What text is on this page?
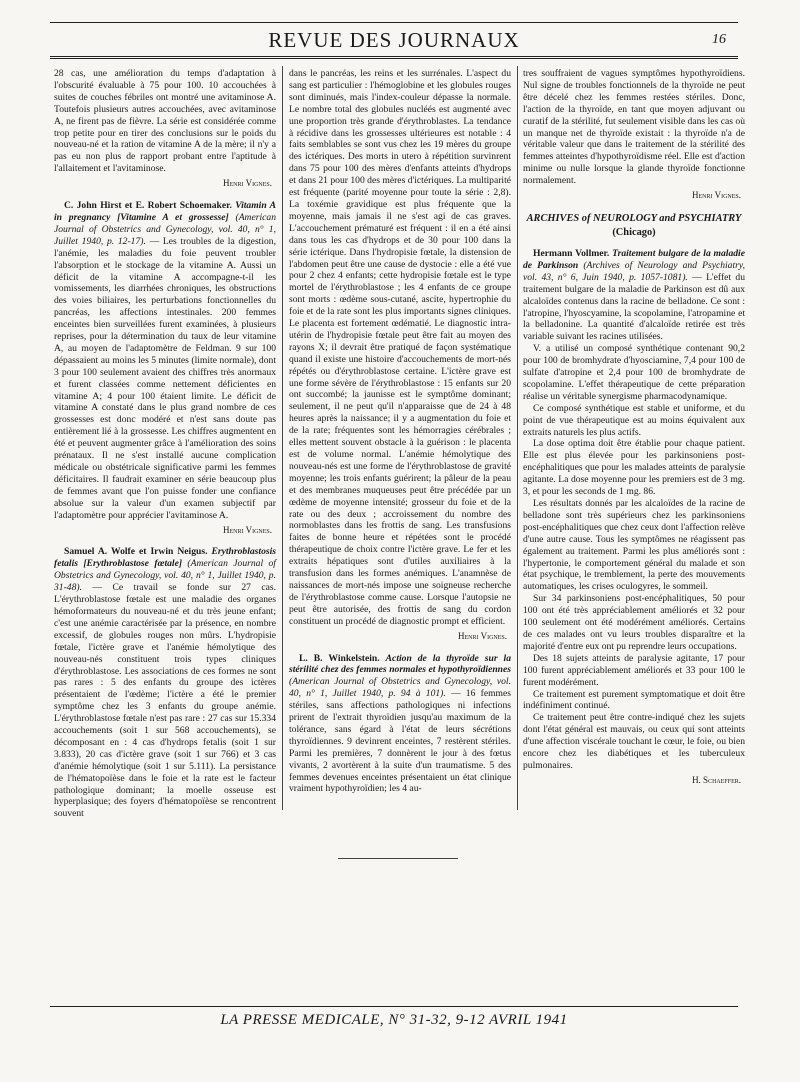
REVUE DES JOURNAUX	16

28 cas, une amélioration du temps d'adaptation à l'obscurité évaluable à 75 pour 100. 10 accouchées à suites de couches fébriles ont montré une avitaminose A. Toutefois plusieurs autres accouchées, avec avitaminose A, ne firent pas de fièvre. La série est considérée comme trop petite pour en tirer des conclusions sur le poids du nouveau-né et la ration de vitamine A de la mère; il n'y a pas eu non plus de rapport probant entre l'aptitude à l'allaitement et l'avitaminose.

Henri Vignes.

C. John Hirst et E. Robert Schoemaker. Vitamin A in pregnancy [Vitamine A et grossesse] (American Journal of Obstetrics and Gynecology, vol. 40, n° 1, Juillet 1940, p. 12-17). — Les troubles de la digestion, l'anémie, les maladies du foie peuvent troubler l'absorption et le stockage de la vitamine A. Aussi un déficit de la vitamine A accompagne-t-il les vomissements, les diarrhées chroniques, les obstructions des voies biliaires, les perturbations fonctionnelles du pancréas, les affections intestinales. 200 femmes enceintes bien surveillées furent examinées, à plusieurs reprises, pour la détermination du taux de leur vitamine A, au moyen de l'adaptomètre de Feldman. 9 sur 100 dépassaient au moins les 5 minutes (limite normale), dont 3 pour 100 seulement avaient des chiffres très anormaux et furent classées comme nettement déficientes en vitamine A; 4 pour 100 étaient limite. Le déficit de vitamine A constaté dans le plus grand nombre de ces grossesses est donc modéré et n'est sans doute pas entièrement lié à la grossesse. Les chiffres augmentent en été et peuvent augmenter grâce à l'amélioration des soins prénataux. Il ne s'est installé aucune complication médicale ou obstétricale significative parmi les femmes déficitaires. Il faudrait examiner en série beaucoup plus de femmes avant que l'on puisse fonder une confiance absolue sur la valeur d'un examen subjectif par l'adaptomètre pour apprécier l'avitaminose A.

Henri Vignes.

Samuel A. Wolfe et Irwin Neigus. Erythroblastosis fetalis [Erythroblastose fœtale] (American Journal of Obstetrics and Gynecology, vol. 40, n° 1, Juillet 1940, p. 31-48). — Ce travail se fonde sur 27 cas. L'érythroblastose fœtale est une maladie des organes hémoformateurs du nouveau-né et du très jeune enfant; c'est une anémie caractérisée par la présence, en nombre excessif, de globules rouges non mûrs. L'hydropisie fœtale, l'ictère grave et l'anémie hémolytique des nouveau-nés constituent trois types cliniques d'érythroblastose. Les associations de ces formes ne sont pas rares : 5 des enfants du groupe des ictères présentaient de l'œdème; l'ictère a été le premier symptôme chez les 3 enfants du groupe anémie. L'érythroblastose fœtale n'est pas rare : 27 cas sur 15.334 accouchements (soit 1 sur 568 accouchements), se décomposant en : 4 cas d'hydrops fetalis (soit 1 sur 3.833), 20 cas d'ictère grave (soit 1 sur 766) et 3 cas d'anémie hémolytique (soit 1 sur 5.111). La persistance de l'hématopoïèse dans le foie et la rate est le facteur pathologique dominant; la moelle osseuse est hyperplasique; des foyers d'hématopoïèse se rencontrent souvent

dans le pancréas, les reins et les surrénales. L'aspect du sang est particulier : l'hémoglobine et les globules rouges sont diminués, mais l'index-couleur dépasse la normale. Le nombre total des globules nucléés est augmenté avec une proportion très grande d'érythroblastes. La tendance à récidive dans les grossesses ultérieures est notable : 4 faits semblables se sont vus chez les 19 mères du groupe des ictériques. Des morts in utero à répétition survinrent dans 75 pour 100 des mères d'enfants atteints d'hydrops et dans 21 pour 100 des mères d'ictériques. La multiparité est fréquente (parité moyenne pour toute la série : 2,8). La toxémie gravidique est plus fréquente que la moyenne, mais jamais il ne s'est agi de cas graves. L'accouchement prématuré est fréquent : il en a été ainsi dans tous les cas d'hydrops et de 30 pour 100 dans la série ictérique. Dans l'hydropisie fœtale, la distension de l'abdomen peut être une cause de dystocie : elle a été vue pour 2 chez 4 enfants; cette hydropisie fœtale est le type mortel de l'érythroblastose ; les 4 enfants de ce groupe sont morts : œdème sous-cutané, ascite, hypertrophie du foie et de la rate sont les plus importants signes cliniques. Le placenta est fortement œdématié. Le diagnostic intra-utérin de l'hydropisie fœtale peut être fait au moyen des rayons X; il devrait être pratiqué de façon systématique quand il existe une histoire d'accouchements de mort-nés répétés ou d'érythroblastose certaine. L'ictère grave est une forme sévère de l'érythroblastose : 15 enfants sur 20 ont succombé; la jaunisse est le symptôme dominant; seulement, il ne peut qu'il n'apparaisse que de 24 à 48 heures après la naissance; il y a augmentation du foie et de la rate; fréquentes sont les hémorragies cérébrales ; elles mettent souvent obstacle à la guérison : le placenta est de volume normal. L'anémie hémolytique des nouveau-nés est une forme de l'érythroblastose de gravité moyenne; les trois enfants guérirent; la pâleur de la peau et des membranes muqueuses peut être précédée par un œdème de moyenne intensité; grosseur du foie et de la rate ou des deux ; accroissement du nombre des normoblastes dans les frottis de sang. Les transfusions faites de bonne heure et répétées sont le procédé thérapeutique de choix contre l'ictère grave. Le fer et les extraits hépatiques sont d'utiles auxiliaires à la transfusion dans les formes anémiques. L'anamnèse de naissances de mort-nés impose une soigneuse recherche de l'érythroblastose comme cause. Lorsque l'autopsie ne peut être autorisée, des frottis de sang du cordon constituent un procédé de diagnostic prompt et efficient.

Henri Vignes.

L. B. Winkelstein. Action de la thyroïde sur la stérilité chez des femmes normales et hypothyroïdiennes (American Journal of Obstetrics and Gynecology, vol. 40, n° 1, Juillet 1940, p. 94 à 101). — 16 femmes stériles, sans affections pathologiques ni infections prirent de l'extrait thyroïdien jusqu'au maximum de la tolérance, sans égard à l'état de leurs sécrétions thyroïdiennes. 9 devinrent enceintes, 7 restèrent stériles. Parmi les premières, 7 donnèrent le jour à des fœtus vivants, 2 avortèrent à la suite d'un traumatisme. 5 des femmes devenues enceintes présentaient un état clinique vraiment hypothyroïdien; les 4 au-

tres souffraient de vagues symptômes hypothyroïdiens. Nul signe de troubles fonctionnels de la thyroïde ne peut être décelé chez les femmes restées stériles. Donc, l'action de la thyroïde, en tant que moyen adjuvant ou curatif de la stérilité, fut seulement visible dans les cas où un manque net de thyroïde existait : la thyroïde n'a de véritable valeur que dans le traitement de la stérilité des femmes atteintes d'hypothyroïdisme réel. Elle est d'action minime ou nulle lorsque la glande thyroïde fonctionne normalement.

Henri Vignes.
ARCHIVES of NEUROLOGY and PSYCHIATRY
(Chicago)

Hermann Vollmer. Traitement bulgare de la maladie de Parkinson (Archives of Neurology and Psychiatry, vol. 43, n° 6, Juin 1940, p. 1057-1081). — L'effet du traitement bulgare de la maladie de Parkinson est dû aux alcaloïdes contenus dans la racine de belladone. Ce sont : l'atropine, l'hyoscyamine, la scopolamine, l'atropamine et la belladonine. La quantité d'alcaloïde retirée est très variable suivant les racines utilisées.

V. a utilisé un composé synthétique contenant 90,2 pour 100 de bromhydrate d'hyosciamine, 7,4 pour 100 de sulfate d'atropine et 2,4 pour 100 de bromhydrate de scopolamine. L'effet thérapeutique de cette préparation réalise un véritable synergisme pharmacodynamique.

Ce composé synthétique est stable et uniforme, et du point de vue thérapeutique est au moins équivalent aux extraits naturels les plus actifs.

La dose optima doit être établie pour chaque patient. Elle est plus élevée pour les parkinsoniens post-encéphalitiques que pour les malades atteints de paralysie agitante. La dose moyenne pour les premiers est de 3 mg. 3, et pour les seconds de 1 mg. 86.

Les résultats donnés par les alcaloïdes de la racine de belladone sont très supérieurs chez les parkinsoniens post-encéphalitiques que chez ceux dont l'affection relève d'une autre cause. Tous les symptômes ne réagissent pas également au traitement. Parmi les plus améliorés sont : l'hypertonie, le comportement général du malade et son état psychique, le tremblement, la perte des mouvements automatiques, les crises oculogyres, le sommeil.

Sur 34 parkinsoniens post-encéphalitiques, 50 pour 100 ont été très appréciablement améliorés et 32 pour 100 seulement ont été modérément améliorés. Certains de ces malades ont vu leurs troubles disparaître et la majorité d'entre eux ont pu reprendre leurs occupations.

Des 18 sujets atteints de paralysie agitante, 17 pour 100 furent appréciablement améliorés et 33 pour 100 le furent modérément.

Ce traitement est purement symptomatique et doit être indéfiniment continué.

Ce traitement peut être contre-indiqué chez les sujets dont l'état général est mauvais, ou ceux qui sont atteints d'une affection viscérale touchant le cœur, le foie, ou bien encore chez les diabétiques et les tuberculeux pulmonaires.

H. Schaeffer.
LA PRESSE MEDICALE, N° 31-32, 9-12 AVRIL 1941
